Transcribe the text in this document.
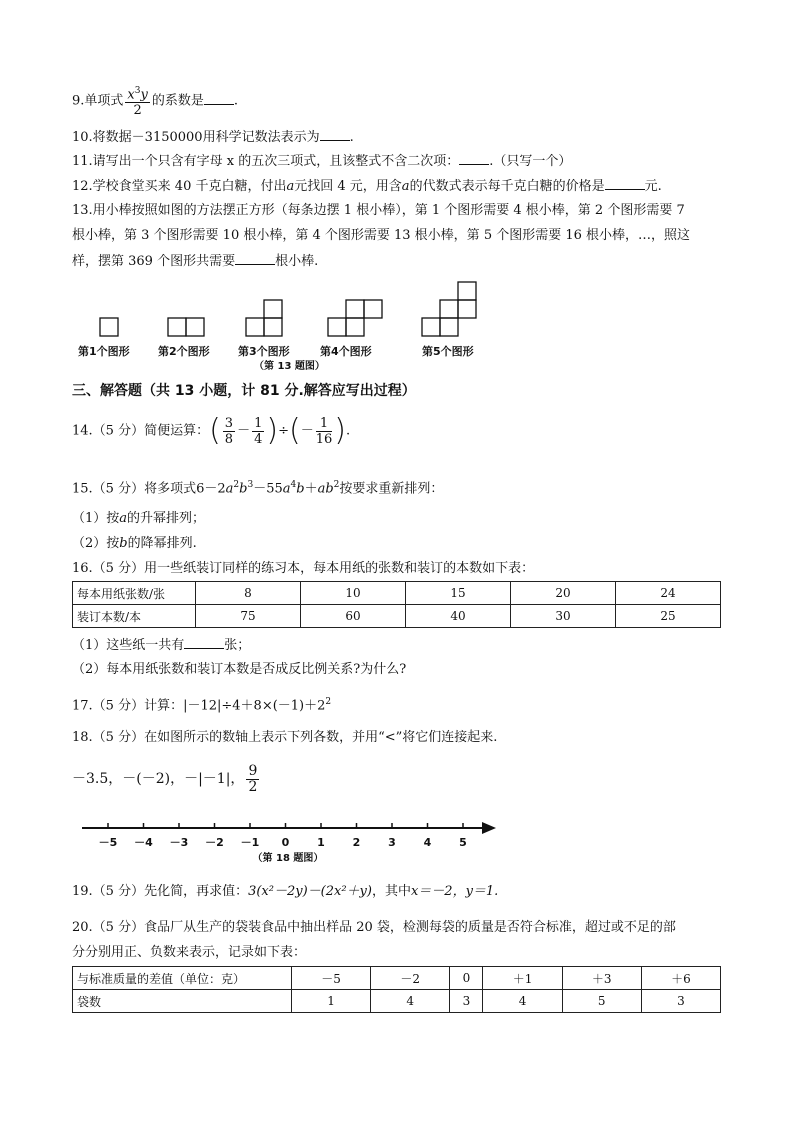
9.单项式 $\frac{x^3y}{2}$ 的系数是 .
10.将数据－3150000用科学记数法表示为 .
11.请写出一个只含有字母 x 的五次三项式，且该整式不含二次项： .（只写一个）
12.学校食堂买来 40 千克白糖，付出a元找回 4 元，用含a的代数式表示每千克白糖的价格是	元.
13.用小棒按照如图的方法摆正方形（每条边摆 1 根小棒），第 1 个图形需要 4 根小棒，第 2 个图形需要 7
根小棒，第 3 个图形需要 10 根小棒，第 4 个图形需要 13 根小棒，第 5 个图形需要 16 根小棒，…，照这
样，摆第 369 个图形共需要	根小棒.
第1个图形	第2个图形	第3个图形	第4个图形	第5个图形
（第 13 题图）
三、解答题（共 13 小题，计 81 分.解答应写出过程）
14.（5 分）简便运算：( $\frac{3}{8} - \frac{1}{4}$ )÷(－ $\frac{1}{16}$ ).
15.（5 分）将多项式$6-2a^2b^3-55a^4b+ab^2$按要求重新排列：
（1）按a的升幂排列；
（2）按b的降幂排列.
16.（5 分）用一些纸装订同样的练习本，每本用纸的张数和装订的本数如下表：
每本用纸张数/张	8	10	15	20	24
装订本数/本	75	60	40	30	25
（1）这些纸一共有	张；
（2）每本用纸张数和装订本数是否成反比例关系?为什么?
17.（5 分）计算：$|-12|\div 4+8\times(-1)+2^2$
18.（5 分）在如图所示的数轴上表示下列各数，并用“<”将它们连接起来.
－3.5，－(－2)，－|－1|， $\frac{9}{2}$
－5 －4 －3 －2 －1 0	1	2	3	4	5
（第 18 题图）
19.（5 分）先化简，再求值：3(x²－2y)－(2x²＋y)，其中x＝－2，y＝1.
20.（5 分）食品厂从生产的袋装食品中抽出样品 20 袋，检测每袋的质量是否符合标准，超过或不足的部
分分别用正、负数来表示，记录如下表：
与标准质量的差值（单位：克）	－5	－2	0	＋1	＋3	＋6
袋数	1	4	3	4	5	3
